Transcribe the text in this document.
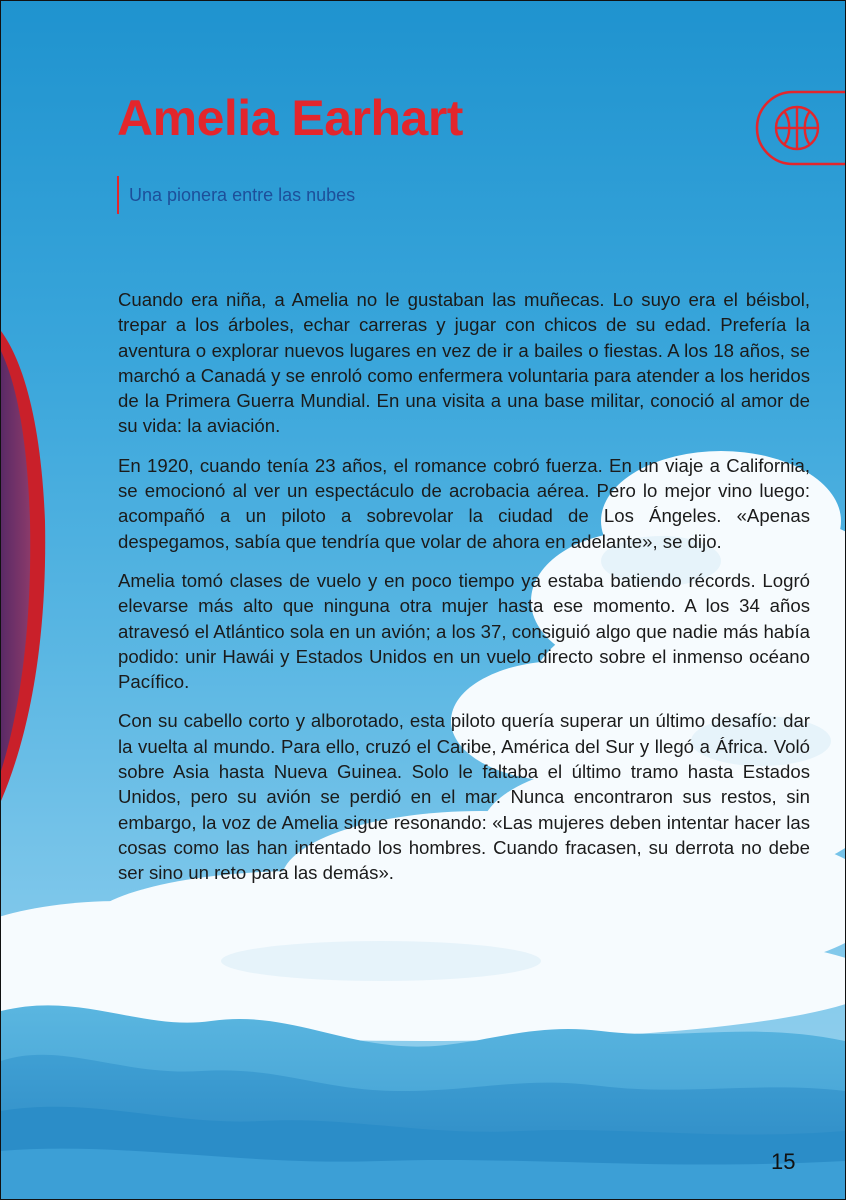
Amelia Earhart
Una pionera entre las nubes

Cuando era niña, a Amelia no le gustaban las muñecas. Lo suyo era el béisbol, trepar a los árboles, echar carreras y jugar con chicos de su edad. Prefería la aventura o explorar nuevos lugares en vez de ir a bailes o fiestas. A los 18 años, se marchó a Canadá y se enroló como enfermera voluntaria para atender a los heridos de la Primera Guerra Mundial. En una visita a una base militar, conoció al amor de su vida: la aviación.

En 1920, cuando tenía 23 años, el romance cobró fuerza. En un viaje a California, se emocionó al ver un espectáculo de acrobacia aérea. Pero lo mejor vino luego: acompañó a un piloto a sobrevolar la ciudad de Los Ángeles. «Apenas despegamos, sabía que tendría que volar de ahora en adelante», se dijo.

Amelia tomó clases de vuelo y en poco tiempo ya estaba batiendo récords. Logró elevarse más alto que ninguna otra mujer hasta ese momento. A los 34 años atravesó el Atlántico sola en un avión; a los 37, consiguió algo que nadie más había podido: unir Hawái y Estados Unidos en un vuelo directo sobre el inmenso océano Pacífico.

Con su cabello corto y alborotado, esta piloto quería superar un último desafío: dar la vuelta al mundo. Para ello, cruzó el Caribe, América del Sur y llegó a África. Voló sobre Asia hasta Nueva Guinea. Solo le faltaba el último tramo hasta Estados Unidos, pero su avión se perdió en el mar. Nunca encontraron sus restos, sin embargo, la voz de Amelia sigue resonando: «Las mujeres deben intentar hacer las cosas como las han intentado los hombres. Cuando fracasen, su derrota no debe ser sino un reto para las demás».

15
